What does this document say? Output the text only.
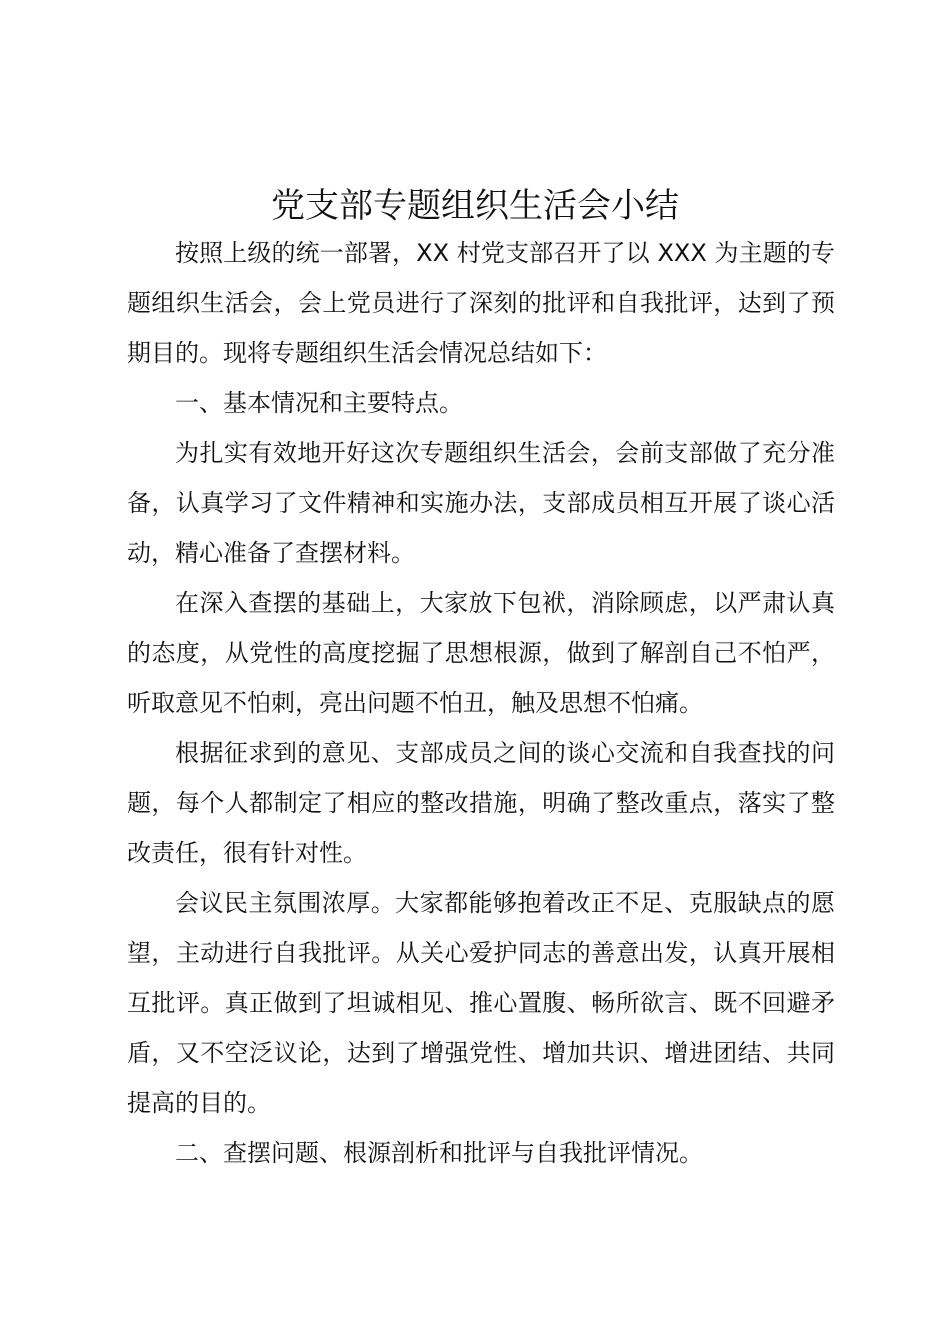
党支部专题组织生活会小结

按照上级的统一部署，XX 村党支部召开了以 XXX 为主题的专题组织生活会，会上党员进行了深刻的批评和自我批评，达到了预期目的。现将专题组织生活会情况总结如下：

一、基本情况和主要特点。

为扎实有效地开好这次专题组织生活会，会前支部做了充分准备，认真学习了文件精神和实施办法，支部成员相互开展了谈心活动，精心准备了查摆材料。

在深入查摆的基础上，大家放下包袱，消除顾虑，以严肃认真的态度，从党性的高度挖掘了思想根源，做到了解剖自己不怕严，听取意见不怕刺，亮出问题不怕丑，触及思想不怕痛。

根据征求到的意见、支部成员之间的谈心交流和自我查找的问题，每个人都制定了相应的整改措施，明确了整改重点，落实了整改责任，很有针对性。

会议民主氛围浓厚。大家都能够抱着改正不足、克服缺点的愿望，主动进行自我批评。从关心爱护同志的善意出发，认真开展相互批评。真正做到了坦诚相见、推心置腹、畅所欲言、既不回避矛盾，又不空泛议论，达到了增强党性、增加共识、增进团结、共同提高的目的。

二、查摆问题、根源剖析和批评与自我批评情况。
